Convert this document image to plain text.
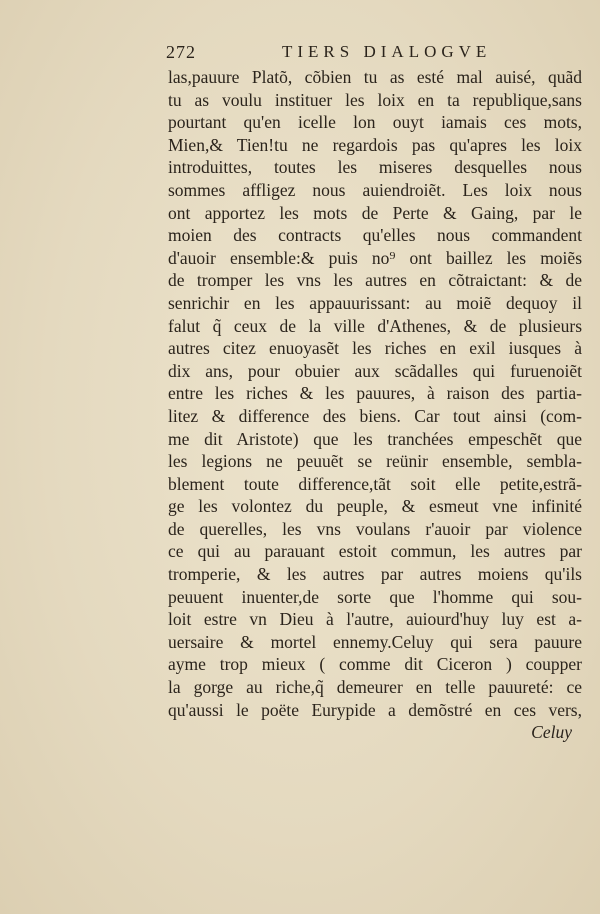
272	TIERS DIALOGVE
las,pauure Platõ, cõbien tu as esté mal auisé, quãd
tu as voulu instituer les loix en ta republique,sans
pourtant qu'en icelle lon ouyt iamais ces mots,
Mien,& Tien!tu ne regardois pas qu'apres les loix
introduittes, toutes les miseres desquelles nous
sommes affligez nous auiendroiẽt. Les loix nous
ont apportez les mots de Perte & Gaing, par le
moien des contracts qu'elles nous commandent
d'auoir ensemble:& puis no⁹ ont baillez les moiẽs
de tromper les vns les autres en cõtraictant: & de
senrichir en les appauurissant: au moiẽ dequoy il
falut q̃ ceux de la ville d'Athenes, & de plusieurs
autres citez enuoyasẽt les riches en exil iusques à
dix ans, pour obuier aux scãdalles qui furuenoiẽt
entre les riches & les pauures, à raison des partia-
litez & difference des biens. Car tout ainsi (com-
me dit Aristote) que les tranchées empeschẽt que
les legions ne peuuẽt se reünir ensemble, sembla-
blement toute difference,tãt soit elle petite,estrã-
ge les volontez du peuple, & esmeut vne infinité
de querelles, les vns voulans r'auoir par violence
ce qui au parauant estoit commun, les autres par
tromperie, & les autres par autres moiens qu'ils
peuuent inuenter,de sorte que l'homme qui sou-
loit estre vn Dieu à l'autre, auiourd'huy luy est a-
uersaire & mortel ennemy.Celuy qui sera pauure
ayme trop mieux ( comme dit Ciceron ) coupper
la gorge au riche,q̃ demeurer en telle pauureté: ce
qu'aussi le poëte Eurypide a demõstré en ces vers,
Celuy
